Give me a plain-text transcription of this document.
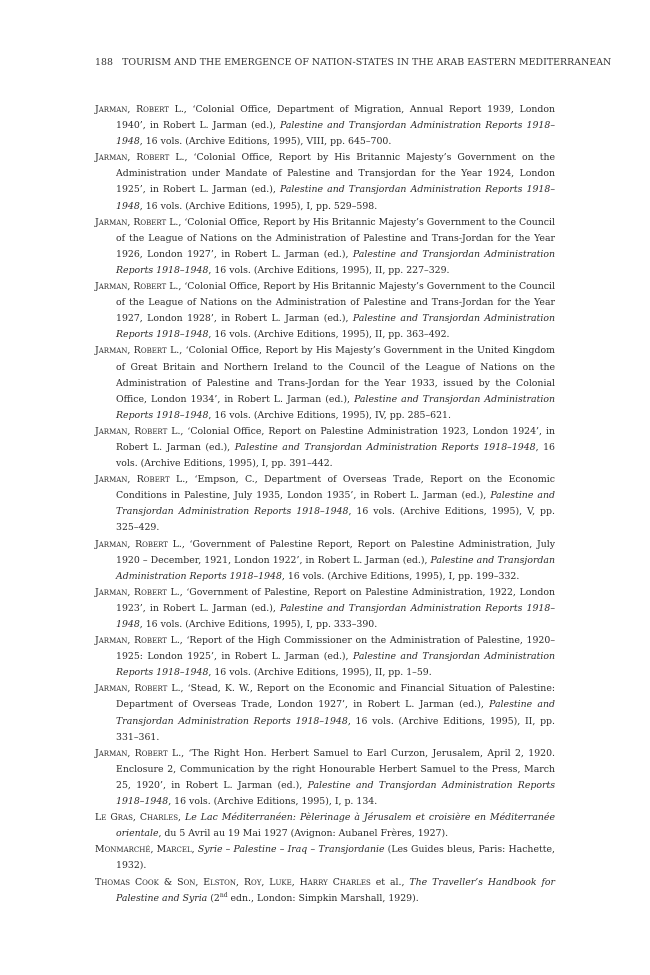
188 TOURISM AND THE EMERGENCE OF NATION-STATES IN THE ARAB EASTERN MEDITERRANEAN

Jarman, Robert L., ‘Colonial Office, Department of Migration, Annual Report 1939, London 1940’, in Robert L. Jarman (ed.), Palestine and Transjordan Administration Reports 1918–1948, 16 vols. (Archive Editions, 1995), VIII, pp. 645–700.

Jarman, Robert L., ‘Colonial Office, Report by His Britannic Majesty’s Government on the Administration under Mandate of Palestine and Transjordan for the Year 1924, London 1925’, in Robert L. Jarman (ed.), Palestine and Transjordan Administration Reports 1918–1948, 16 vols. (Archive Editions, 1995), I, pp. 529–598.

Jarman, Robert L., ‘Colonial Office, Report by His Britannic Majesty’s Government to the Council of the League of Nations on the Administration of Palestine and Trans-Jordan for the Year 1926, London 1927’, in Robert L. Jarman (ed.), Palestine and Transjordan Administration Reports 1918–1948, 16 vols. (Archive Editions, 1995), II, pp. 227–329.

Jarman, Robert L., ‘Colonial Office, Report by His Britannic Majesty’s Government to the Council of the League of Nations on the Administration of Palestine and Trans-Jordan for the Year 1927, London 1928’, in Robert L. Jarman (ed.), Palestine and Transjordan Administration Reports 1918–1948, 16 vols. (Archive Editions, 1995), II, pp. 363–492.

Jarman, Robert L., ‘Colonial Office, Report by His Majesty’s Government in the United Kingdom of Great Britain and Northern Ireland to the Council of the League of Nations on the Administration of Palestine and Trans-Jordan for the Year 1933, issued by the Colonial Office, London 1934’, in Robert L. Jarman (ed.), Palestine and Transjordan Administration Reports 1918–1948, 16 vols. (Archive Editions, 1995), IV, pp. 285–621.

Jarman, Robert L., ‘Colonial Office, Report on Palestine Administration 1923, London 1924’, in Robert L. Jarman (ed.), Palestine and Transjordan Administration Reports 1918–1948, 16 vols. (Archive Editions, 1995), I, pp. 391–442.

Jarman, Robert L., ‘Empson, C., Department of Overseas Trade, Report on the Economic Conditions in Palestine, July 1935, London 1935’, in Robert L. Jarman (ed.), Palestine and Transjordan Administration Reports 1918–1948, 16 vols. (Archive Editions, 1995), V, pp. 325–429.

Jarman, Robert L., ‘Government of Palestine Report, Report on Palestine Administration, July 1920 – December, 1921, London 1922’, in Robert L. Jarman (ed.), Palestine and Transjordan Administration Reports 1918–1948, 16 vols. (Archive Editions, 1995), I, pp. 199–332.

Jarman, Robert L., ‘Government of Palestine, Report on Palestine Administration, 1922, London 1923’, in Robert L. Jarman (ed.), Palestine and Transjordan Administration Reports 1918–1948, 16 vols. (Archive Editions, 1995), I, pp. 333–390.

Jarman, Robert L., ‘Report of the High Commissioner on the Administration of Palestine, 1920–1925: London 1925’, in Robert L. Jarman (ed.), Palestine and Transjordan Administration Reports 1918–1948, 16 vols. (Archive Editions, 1995), II, pp. 1–59.

Jarman, Robert L., ‘Stead, K. W., Report on the Economic and Financial Situation of Palestine: Department of Overseas Trade, London 1927’, in Robert L. Jarman (ed.), Palestine and Transjordan Administration Reports 1918–1948, 16 vols. (Archive Editions, 1995), II, pp. 331–361.

Jarman, Robert L., ‘The Right Hon. Herbert Samuel to Earl Curzon, Jerusalem, April 2, 1920. Enclosure 2, Communication by the right Honourable Herbert Samuel to the Press, March 25, 1920’, in Robert L. Jarman (ed.), Palestine and Transjordan Administration Reports 1918–1948, 16 vols. (Archive Editions, 1995), I, p. 134.

Le Gras, Charles, Le Lac Méditerranéen: Pèlerinage à Jérusalem et croisière en Méditerranée orientale, du 5 Avril au 19 Mai 1927 (Avignon: Aubanel Frères, 1927).

Monmarché, Marcel, Syrie – Palestine – Iraq – Transjordanie (Les Guides bleus, Paris: Hachette, 1932).

Thomas Cook & Son, Elston, Roy, Luke, Harry Charles et al., The Traveller’s Handbook for Palestine and Syria (2nd edn., London: Simpkin Marshall, 1929).
